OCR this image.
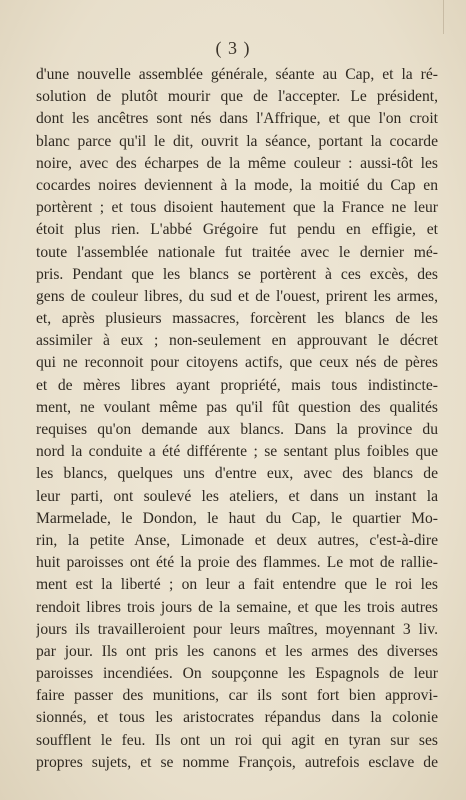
( 3 )
d'une nouvelle assemblée générale, séante au Cap, et la ré-
solution de plutôt mourir que de l'accepter. Le président,
dont les ancêtres sont nés dans l'Affrique, et que l'on croit
blanc parce qu'il le dit, ouvrit la séance, portant la cocarde
noire, avec des écharpes de la même couleur : aussi-tôt les
cocardes noires deviennent à la mode, la moitié du Cap en
portèrent ; et tous disoient hautement que la France ne leur
étoit plus rien. L'abbé Grégoire fut pendu en effigie, et
toute l'assemblée nationale fut traitée avec le dernier mé-
pris. Pendant que les blancs se portèrent à ces excès, des
gens de couleur libres, du sud et de l'ouest, prirent les armes,
et, après plusieurs massacres, forcèrent les blancs de les
assimiler à eux ; non-seulement en approuvant le décret
qui ne reconnoit pour citoyens actifs, que ceux nés de pères
et de mères libres ayant propriété, mais tous indistincte-
ment, ne voulant même pas qu'il fût question des qualités
requises qu'on demande aux blancs. Dans la province du
nord la conduite a été différente ; se sentant plus foibles que
les blancs, quelques uns d'entre eux, avec des blancs de
leur parti, ont soulevé les ateliers, et dans un instant la
Marmelade, le Dondon, le haut du Cap, le quartier Mo-
rin, la petite Anse, Limonade et deux autres, c'est-à-dire
huit paroisses ont été la proie des flammes. Le mot de rallie-
ment est la liberté ; on leur a fait entendre que le roi les
rendoit libres trois jours de la semaine, et que les trois autres
jours ils travailleroient pour leurs maîtres, moyennant 3 liv.
par jour. Ils ont pris les canons et les armes des diverses
paroisses incendiées. On soupçonne les Espagnols de leur
faire passer des munitions, car ils sont fort bien approvi-
sionnés, et tous les aristocrates répandus dans la colonie
soufflent le feu. Ils ont un roi qui agit en tyran sur ses
propres sujets, et se nomme François, autrefois esclave de
